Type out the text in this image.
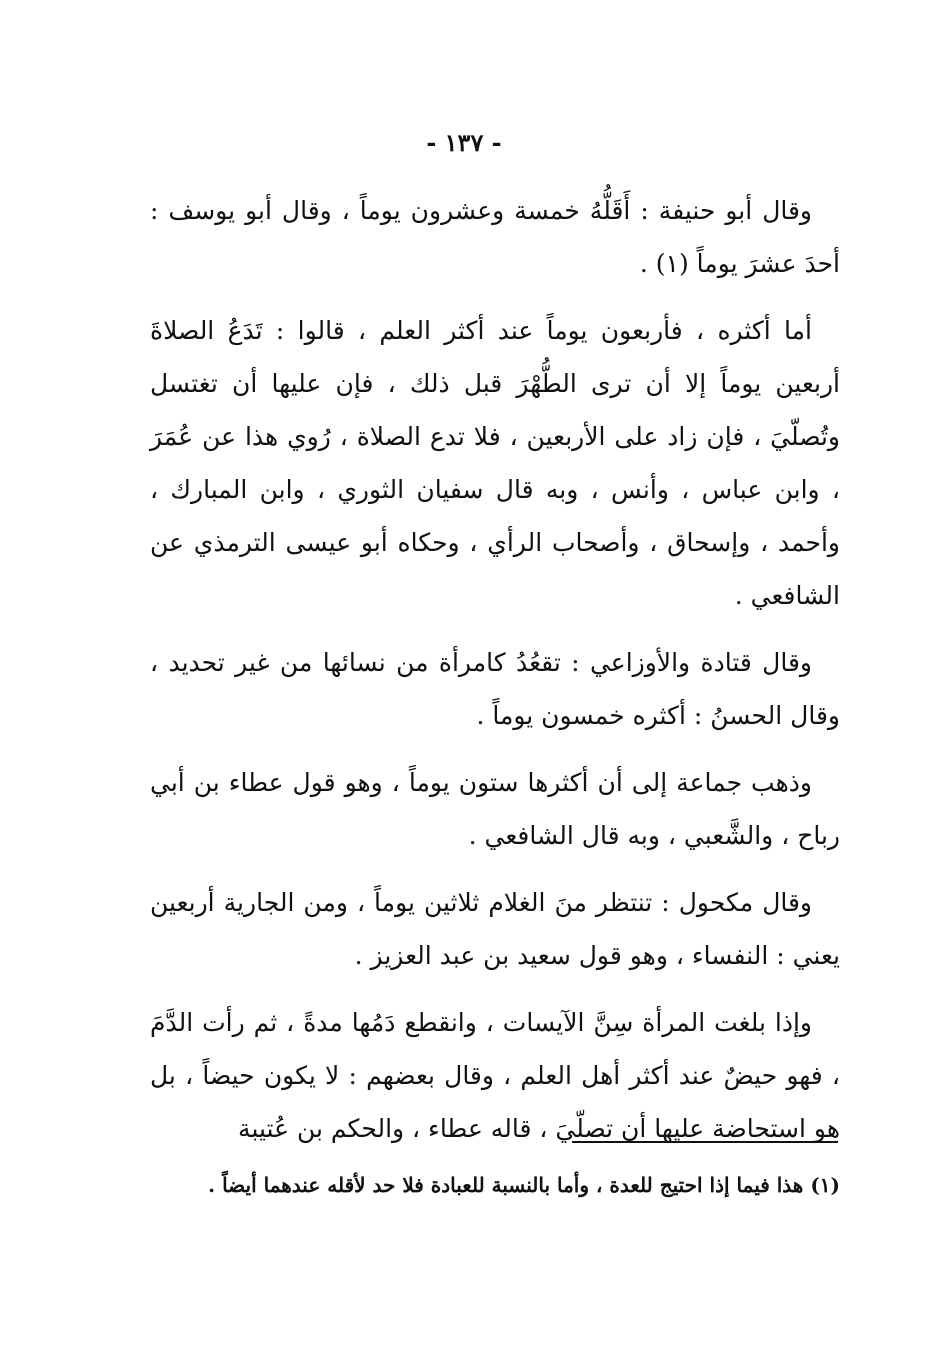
- ١٣٧ -

وقال أبو حنيفة : أَقَلُّهُ خمسة وعشرون يوماً ، وقال أبو يوسف : أحدَ عشرَ يوماً (١) .

أما أكثره ، فأربعون يوماً عند أكثر العلم ، قالوا : تَدَعُ الصلاةَ أربعين يوماً إلا أن ترى الطُّهْرَ قبل ذلك ، فإن عليها أن تغتسل وتُصلّيَ ، فإن زاد على الأربعين ، فلا تدع الصلاة ، رُوي هذا عن عُمَرَ ، وابن عباس ، وأنس ، وبه قال سفيان الثوري ، وابن المبارك ، وأحمد ، وإسحاق ، وأصحاب الرأي ، وحكاه أبو عيسى الترمذي عن الشافعي .

وقال قتادة والأوزاعي : تقعُدُ كامرأة من نسائها من غير تحديد ، وقال الحسنُ : أكثره خمسون يوماً .

وذهب جماعة إلى أن أكثرها ستون يوماً ، وهو قول عطاء بن أبي رباح ، والشَّعبي ، وبه قال الشافعي .

وقال مكحول : تنتظر منَ الغلام ثلاثين يوماً ، ومن الجارية أربعين يعني : النفساء ، وهو قول سعيد بن عبد العزيز .

وإذا بلغت المرأة سِنَّ الآيسات ، وانقطع دَمُها مدةً ، ثم رأت الدَّمَ ، فهو حيضٌ عند أكثر أهل العلم ، وقال بعضهم : لا يكون حيضاً ، بل هو استحاضة عليها أن تصلّيَ ، قاله عطاء ، والحكم بن عُتيبة

(١) هذا فيما إذا احتيج للعدة ، وأما بالنسبة للعبادة فلا حد لأقله عندهما أيضاً .
